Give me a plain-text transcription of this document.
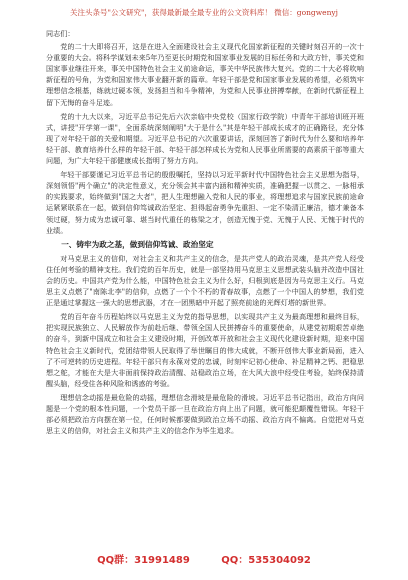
关注头条号"公文研究"，获得最新最全最专业的公文资料库！ 微信：gongwenyj
同志们：

党的二十大即将召开，这是在进入全面建设社会主义现代化国家新征程的关键时刻召开的一次十分重要的大会。将科学谋划未来5年乃至更长时期党和国家事业发展的目标任务和大政方针，事关党和国家事业继往开来，事关中国特色社会主义前途命运，事关中华民族伟大复兴。党的二十大必将吹响新征程的号角，为党和国家伟大事业翻开新的篇章。年轻干部是党和国家事业发展的希望，必须筑牢理想信念根基，练就过硬本领，发扬担当和斗争精神，为党和人民事业拼搏奉献，在新时代新征程上留下无悔的奋斗足迹。

党的十九大以来，习近平总书记先后六次亲临中央党校（国家行政学院）中青年干部培训班开班式，讲授"开学第一课"，全面系统深刻阐明"大于是什么"其是年轻干部成长成才的正确路径，充分体现了对年轻干部的关爱和期望。习近平总书记的六次重要讲话，深刻回答了新时代为什么要和培养年轻干部、教育培养什么样的年轻干部、年轻干部怎样成长为党和人民事业所需要的高素质干部等重大问题，为广大年轻干部健康成长指明了努力方向。

年轻干部要谨记习近平总书记的殷殷嘱托，坚持以习近平新时代中国特色社会主义思想为指导，深刻领悟"两个确立"的决定性意义，充分领会其丰富内涵和精神实质，准确把握一以贯之、一脉相承的实践要求，始终做到"国之大者"，把人生理想融入党和人民的事业，将理想追求与国家民族前途命运紧紧联系在一起，做到信仰笃诚政治坚定、担得起奋勇争先重担、一定不染清正廉洁，德才兼备本领过硬，努力成为忠诚可靠、堪当时代重任的栋梁之才，创造无愧于党、无愧于人民、无愧于时代的业绩。

一、铸牢为政之基，做到信仰笃诚、政治坚定

对马克思主义的信仰，对社会主义和共产主义的信念，是共产党人的政治灵魂，是共产党人经受住任何考验的精神支柱。我们党的百年历史，就是一部坚持用马克思主义思想武装头脑并改造中国社会的历史。中国共产党为什么能，中国特色社会主义为什么好，归根到底是因为马克思主义行。马克思主义点燃了"南陈北李"的信仰，点燃了一个个不朽的青春故事，点燃了一个中国人的梦想，我们党正是通过掌握这一强大的思想武器，才在一团黑暗中开起了照亮前途的光辉灯塔的新世界。

党的百年奋斗历程始终以马克思主义为党的指导思想，以实现共产主义为最高理想和最终目标，把实现民族独立、人民解放作为前赴后继、带领全国人民拼搏奋斗的重要使命，从建党初期艰苦卓绝的奋斗，到新中国成立和社会主义建设时期，开创改革开放和社会主义现代化建设新时期，迎来中国特色社会主义新时代，党团结带领人民取得了举世瞩目的伟大成就，不断开创伟大事业新局面，进入了不可逆转的历史进程。年轻干部只有永葆对党的忠诚，时刻牢记初心使命、补足精神之钙、把稳思想之舵，才能在大是大非面前保持政治清醒、站稳政治立场，在大风大浪中经受住考验，始终保持清醒头脑，经受住各种风险和诱惑的考验。

理想信念动摇是最危险的动摇，理想信念滑坡是最危险的滑坡。习近平总书记指出，政治方向问题是一个党的根本性问题，一个党员干部一旦在政治方向上出了问题，就可能犯颠覆性错误。年轻干部必须把政治方向摆在第一位，任何时候都要做到政治立场不动摇、政治方向不偏离。自觉把对马克思主义的信仰，对社会主义和共产主义的信念作为毕生追求。

QQ群：31991489	QQ：535304092
